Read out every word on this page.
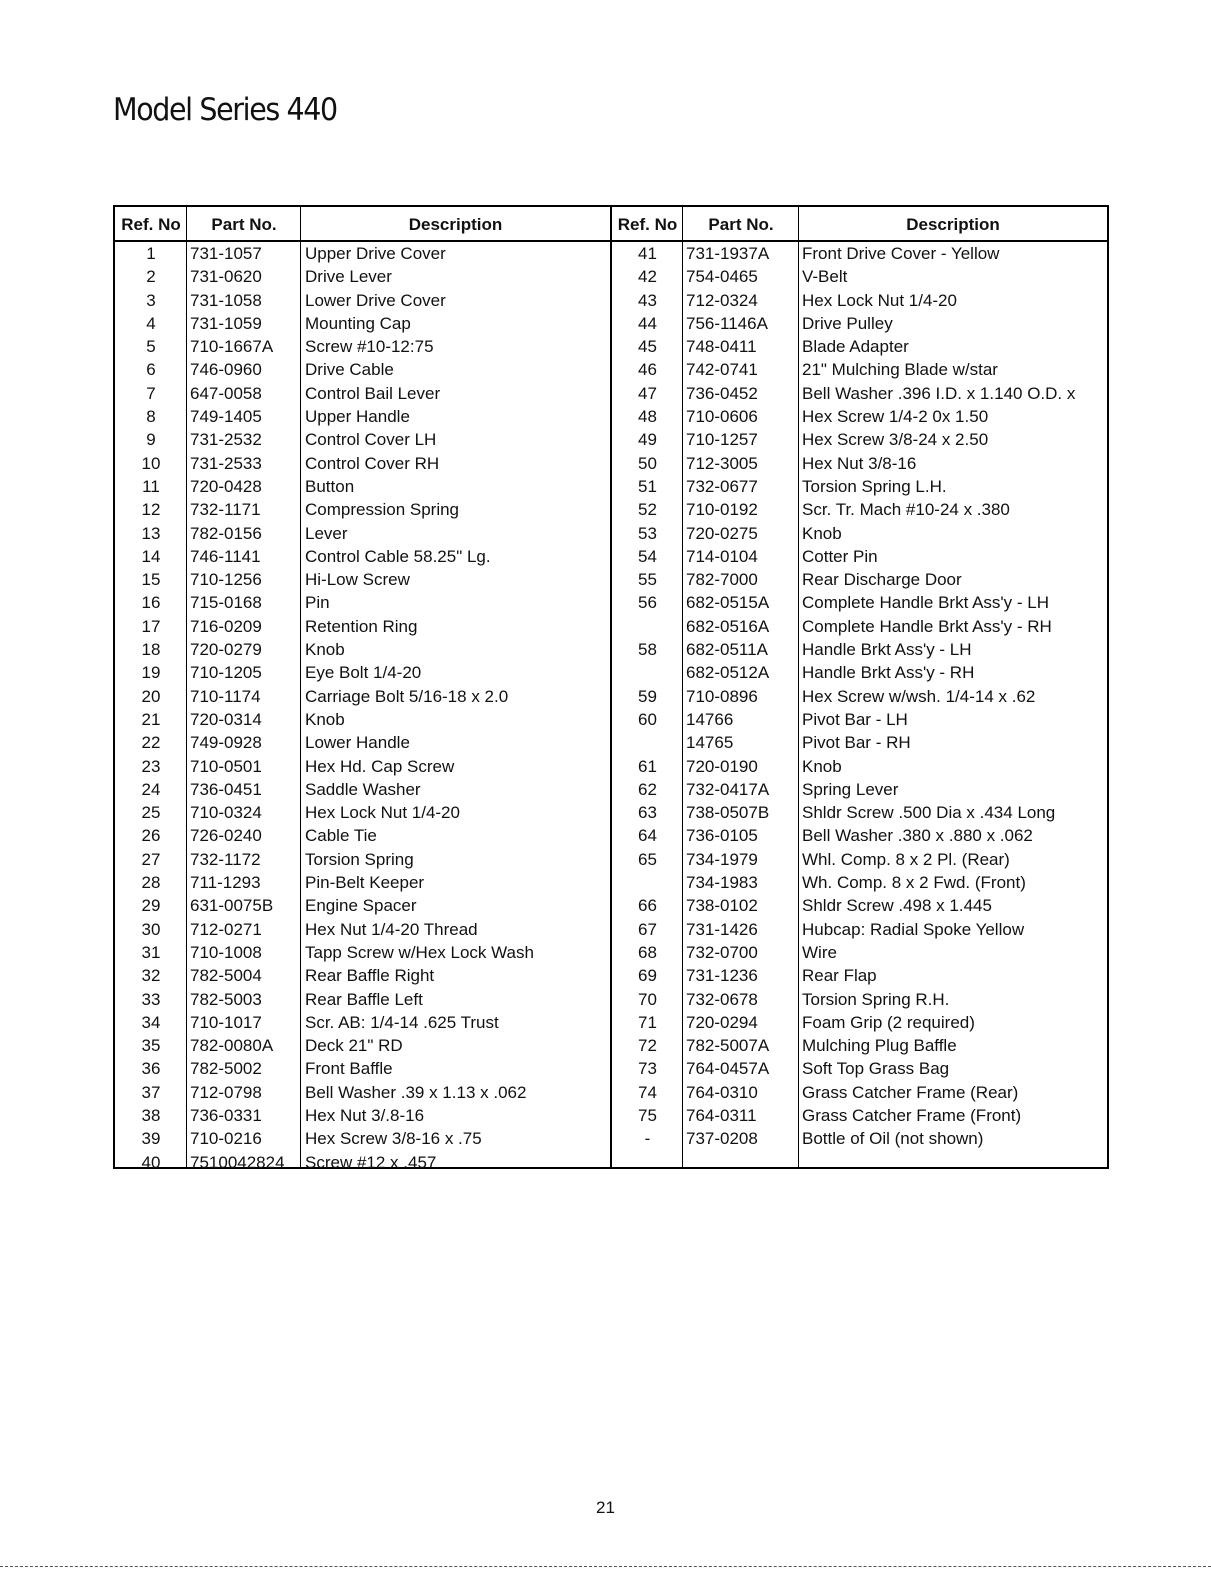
Model Series 440
Ref. No	Part No.	Description
1	731-1057	Upper Drive Cover
2	731-0620	Drive Lever
3	731-1058	Lower Drive Cover
4	731-1059	Mounting Cap
5	710-1667A Screw #10-12:75
6	746-0960	Drive Cable
7	647-0058	Control Bail Lever
8	749-1405	Upper Handle
9	731-2532	Control Cover LH
10	731-2533	Control Cover RH
11	720-0428	Button
12	732-1171	Compression Spring
13	782-0156	Lever
14	746-1141	Control Cable 58.25" Lg.
15	710-1256	Hi-Low Screw
16	715-0168	Pin
17	716-0209	Retention Ring
18	720-0279	Knob
19	710-1205	Eye Bolt 1/4-20
20	710-1174	Carriage Bolt 5/16-18 x 2.0
21	720-0314	Knob
22	749-0928	Lower Handle
23	710-0501	Hex Hd. Cap Screw
24	736-0451	Saddle Washer
25	710-0324	Hex Lock Nut 1/4-20
26	726-0240	Cable Tie
27	732-1172	Torsion Spring
28	711-1293	Pin-Belt Keeper
29	631-0075B Engine Spacer
30	712-0271	Hex Nut 1/4-20 Thread
31	710-1008	Tapp Screw w/Hex Lock Wash
32	782-5004	Rear Baffle Right
33	782-5003	Rear Baffle Left
34	710-1017	Scr. AB: 1/4-14 .625 Trust
35	782-0080A Deck 21" RD
36	782-5002	Front Baffle
37	712-0798	Bell Washer .39 x 1.13 x .062
38	736-0331	Hex Nut 3/.8-16
39	710-0216	Hex Screw 3/8-16 x .75
40	7510042824 Screw #12 x .457
Ref. No	Part No.	Description
41	731-1937A Front Drive Cover - Yellow
42	754-0465	V-Belt
43	712-0324	Hex Lock Nut 1/4-20
44	756-1146A Drive Pulley
45	748-0411	Blade Adapter
46	742-0741	21" Mulching Blade w/star
47	736-0452	Bell Washer .396 I.D. x 1.140 O.D. x
48	710-0606	Hex Screw 1/4-2 0x 1.50
49	710-1257	Hex Screw 3/8-24 x 2.50
50	712-3005	Hex Nut 3/8-16
51	732-0677	Torsion Spring L.H.
52	710-0192	Scr. Tr. Mach #10-24 x .380
53	720-0275	Knob
54	714-0104	Cotter Pin
55	782-7000	Rear Discharge Door
56	682-0515A Complete Handle Brkt Ass'y - LH
682-0516A Complete Handle Brkt Ass'y - RH
58	682-0511A Handle Brkt Ass'y - LH
682-0512A Handle Brkt Ass'y - RH
59	710-0896	Hex Screw w/wsh. 1/4-14 x .62
60	14766	Pivot Bar - LH
14765	Pivot Bar - RH
61	720-0190	Knob
62	732-0417A Spring Lever
63	738-0507B Shldr Screw .500 Dia x .434 Long
64	736-0105	Bell Washer .380 x .880 x .062
65	734-1979	Whl. Comp. 8 x 2 Pl. (Rear)
734-1983	Wh. Comp. 8 x 2 Fwd. (Front)
66	738-0102	Shldr Screw .498 x 1.445
67	731-1426	Hubcap: Radial Spoke Yellow
68	732-0700	Wire
69	731-1236	Rear Flap
70	732-0678	Torsion Spring R.H.
71	720-0294	Foam Grip (2 required)
72	782-5007A Mulching Plug Baffle
73	764-0457A Soft Top Grass Bag
74	764-0310	Grass Catcher Frame (Rear)
75	764-0311	Grass Catcher Frame (Front)
-	737-0208	Bottle of Oil (not shown)
21
